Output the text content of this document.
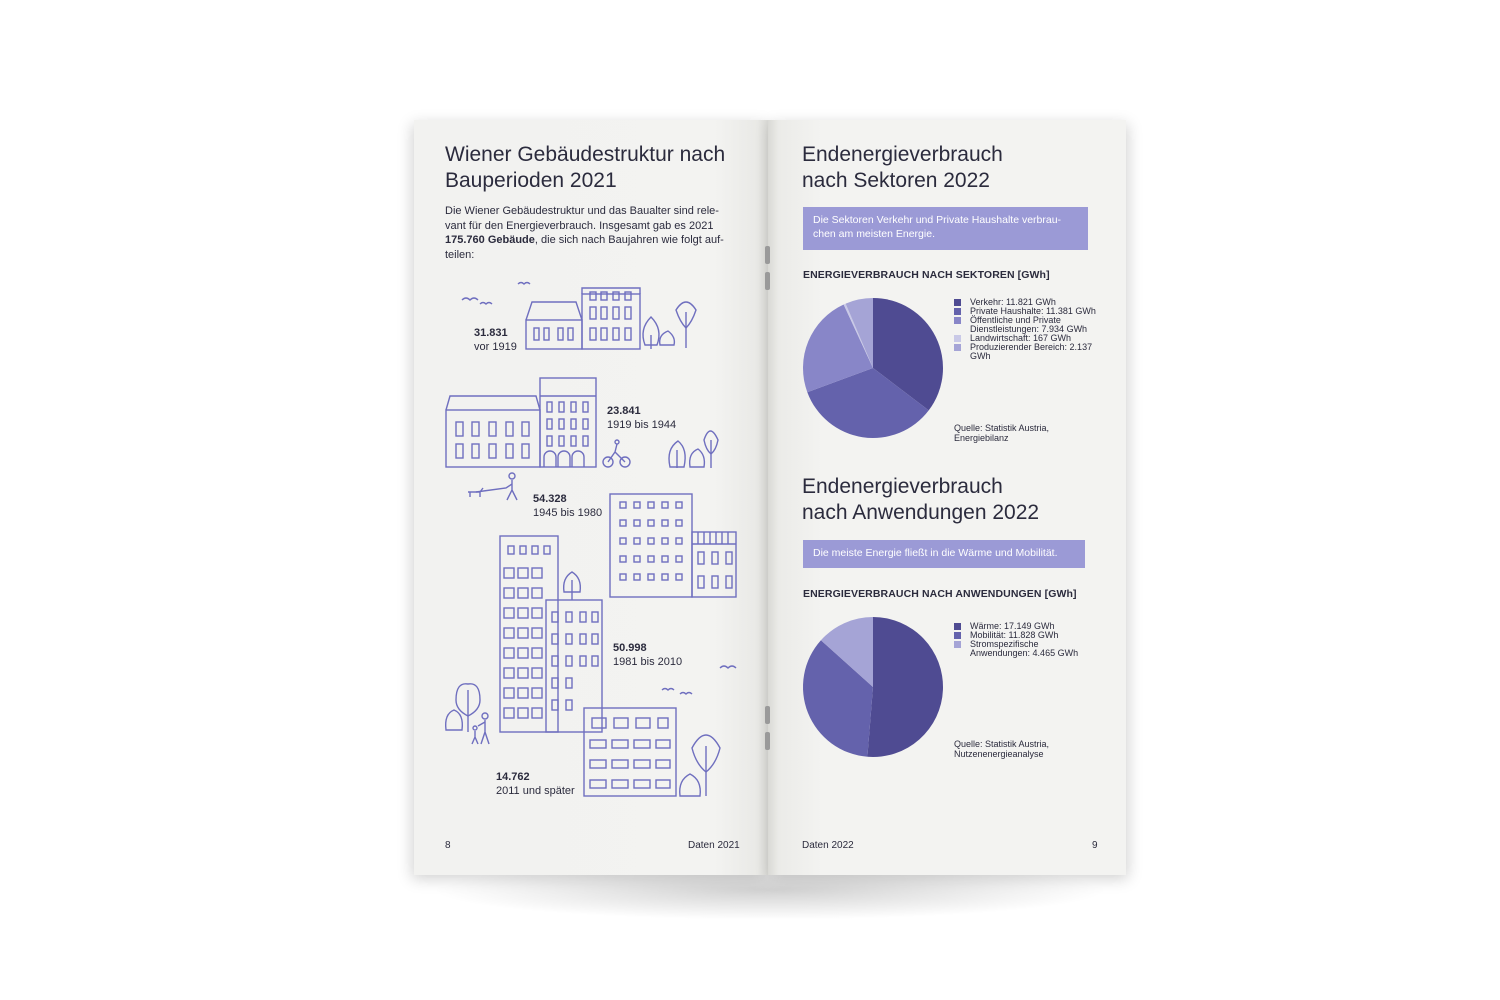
Wiener Gebäudestruktur nach
Bauperioden 2021

Die Wiener Gebäudestruktur und das Baualter sind rele-
vant für den Energieverbrauch. Insgesamt gab es 2021
175.760 Gebäude, die sich nach Baujahren wie folgt auf-
teilen:

31.831
vor 1919
23.841
1919 bis 1944
54.328
1945 bis 1980
50.998
1981 bis 2010
14.762
2011 und später
8	Daten 2021
Endenergieverbrauch
nach Sektoren 2022
Die Sektoren Verkehr und Private Haushalte verbrau-
chen am meisten Energie.
ENERGIEVERBRAUCH NACH SEKTOREN [GWh]
Verkehr: 11.821 GWh
Private Haushalte: 11.381 GWh
Öffentliche und Private
Dienstleistungen: 7.934 GWh
Landwirtschaft: 167 GWh
Produzierender Bereich: 2.137
GWh
Quelle: Statistik Austria,
Energiebilanz
Endenergieverbrauch
nach Anwendungen 2022
Die meiste Energie fließt in die Wärme und Mobilität.
ENERGIEVERBRAUCH NACH ANWENDUNGEN [GWh]
Wärme: 17.149 GWh
Mobilität: 11.828 GWh
Stromspezifische
Anwendungen: 4.465 GWh
Quelle: Statistik Austria,
Nutzenenergieanalyse
Daten 2022	9
